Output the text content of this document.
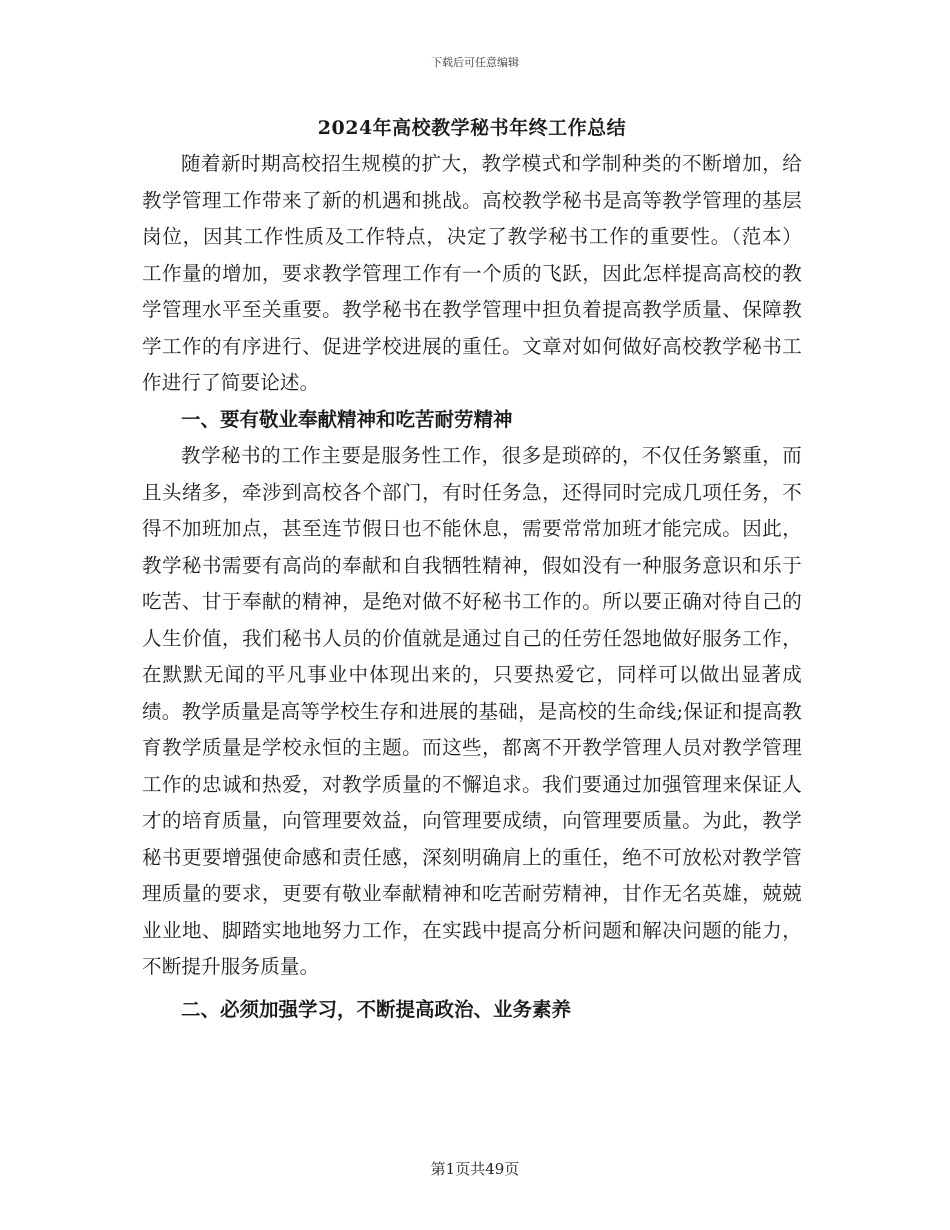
下载后可任意编辑
2024年高校教学秘书年终工作总结

随着新时期高校招生规模的扩大，教学模式和学制种类的不断增加，给教学管理工作带来了新的机遇和挑战。高校教学秘书是高等教学管理的基层岗位，因其工作性质及工作特点，决定了教学秘书工作的重要性。（范本）工作量的增加，要求教学管理工作有一个质的飞跃，因此怎样提高高校的教学管理水平至关重要。教学秘书在教学管理中担负着提高教学质量、保障教学工作的有序进行、促进学校进展的重任。文章对如何做好高校教学秘书工作进行了简要论述。

一、要有敬业奉献精神和吃苦耐劳精神

教学秘书的工作主要是服务性工作，很多是琐碎的，不仅任务繁重，而且头绪多，牵涉到高校各个部门，有时任务急，还得同时完成几项任务，不得不加班加点，甚至连节假日也不能休息，需要常常加班才能完成。因此，教学秘书需要有高尚的奉献和自我牺牲精神，假如没有一种服务意识和乐于吃苦、甘于奉献的精神，是绝对做不好秘书工作的。所以要正确对待自己的人生价值，我们秘书人员的价值就是通过自己的任劳任怨地做好服务工作，在默默无闻的平凡事业中体现出来的，只要热爱它，同样可以做出显著成绩。教学质量是高等学校生存和进展的基础，是高校的生命线;保证和提高教育教学质量是学校永恒的主题。而这些，都离不开教学管理人员对教学管理工作的忠诚和热爱，对教学质量的不懈追求。我们要通过加强管理来保证人才的培育质量，向管理要效益，向管理要成绩，向管理要质量。为此，教学秘书更要增强使命感和责任感，深刻明确肩上的重任，绝不可放松对教学管理质量的要求，更要有敬业奉献精神和吃苦耐劳精神，甘作无名英雄，兢兢业业地、脚踏实地地努力工作，在实践中提高分析问题和解决问题的能力，不断提升服务质量。

二、必须加强学习，不断提高政治、业务素养

第1页共49页
